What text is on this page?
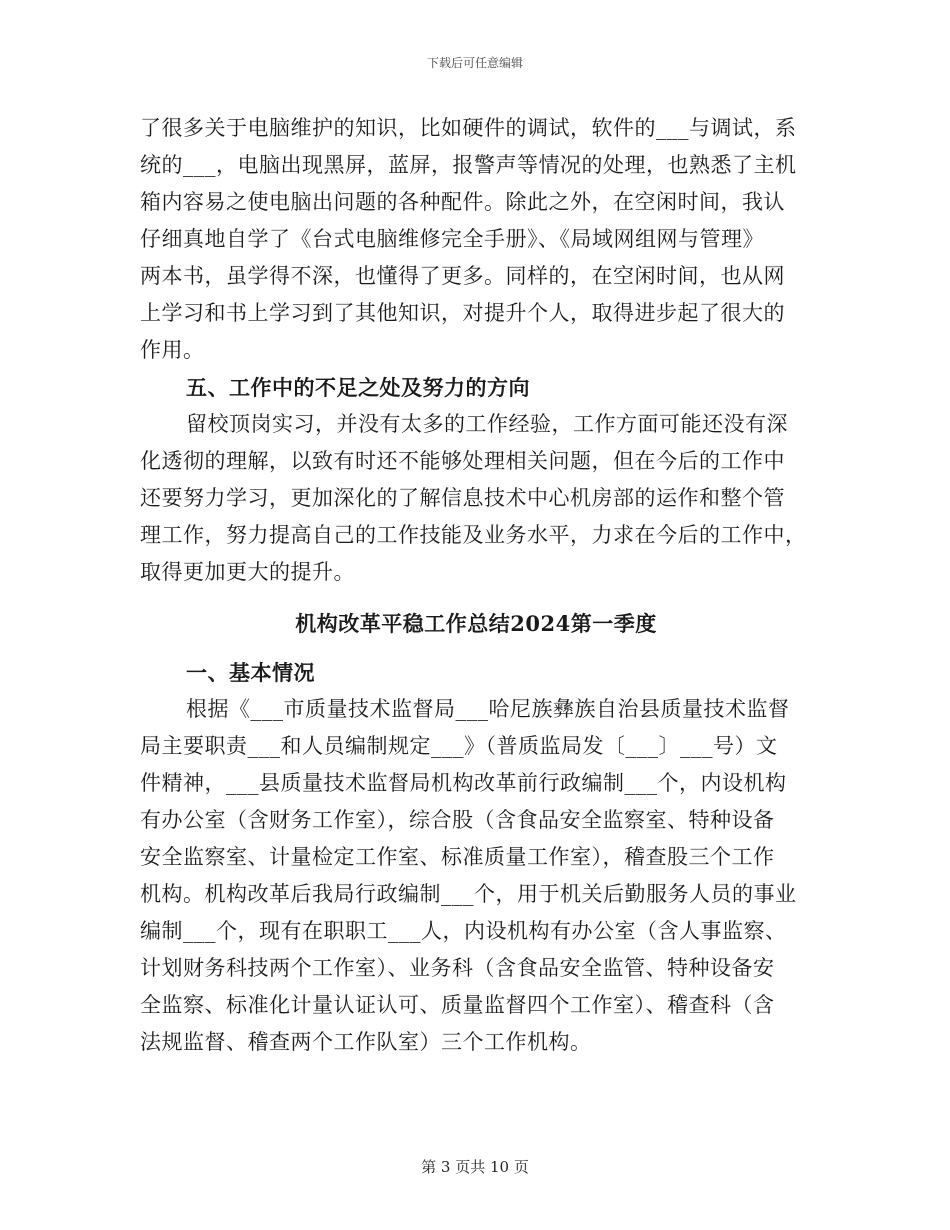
下载后可任意编辑
了很多关于电脑维护的知识，比如硬件的调试，软件的___与调试，系
统的___，电脑出现黑屏，蓝屏，报警声等情况的处理，也熟悉了主机
箱内容易之使电脑出问题的各种配件。除此之外，在空闲时间，我认
仔细真地自学了《台式电脑维修完全手册》、《局域网组网与管理》
两本书，虽学得不深，也懂得了更多。同样的，在空闲时间，也从网
上学习和书上学习到了其他知识，对提升个人，取得进步起了很大的
作用。
五、工作中的不足之处及努力的方向
留校顶岗实习，并没有太多的工作经验，工作方面可能还没有深
化透彻的理解，以致有时还不能够处理相关问题，但在今后的工作中
还要努力学习，更加深化的了解信息技术中心机房部的运作和整个管
理工作，努力提高自己的工作技能及业务水平，力求在今后的工作中，
取得更加更大的提升。
机构改革平稳工作总结2024第一季度
一、基本情况
根据《___市质量技术监督局___哈尼族彝族自治县质量技术监督
局主要职责___和人员编制规定___》（普质监局发〔___〕___号）文
件精神，___县质量技术监督局机构改革前行政编制___个，内设机构
有办公室（含财务工作室），综合股（含食品安全监察室、特种设备
安全监察室、计量检定工作室、标准质量工作室），稽查股三个工作
机构。机构改革后我局行政编制___个，用于机关后勤服务人员的事业
编制___个，现有在职职工___人，内设机构有办公室（含人事监察、
计划财务科技两个工作室）、业务科（含食品安全监管、特种设备安
全监察、标准化计量认证认可、质量监督四个工作室）、稽查科（含
法规监督、稽查两个工作队室）三个工作机构。
第 3 页共 10 页
